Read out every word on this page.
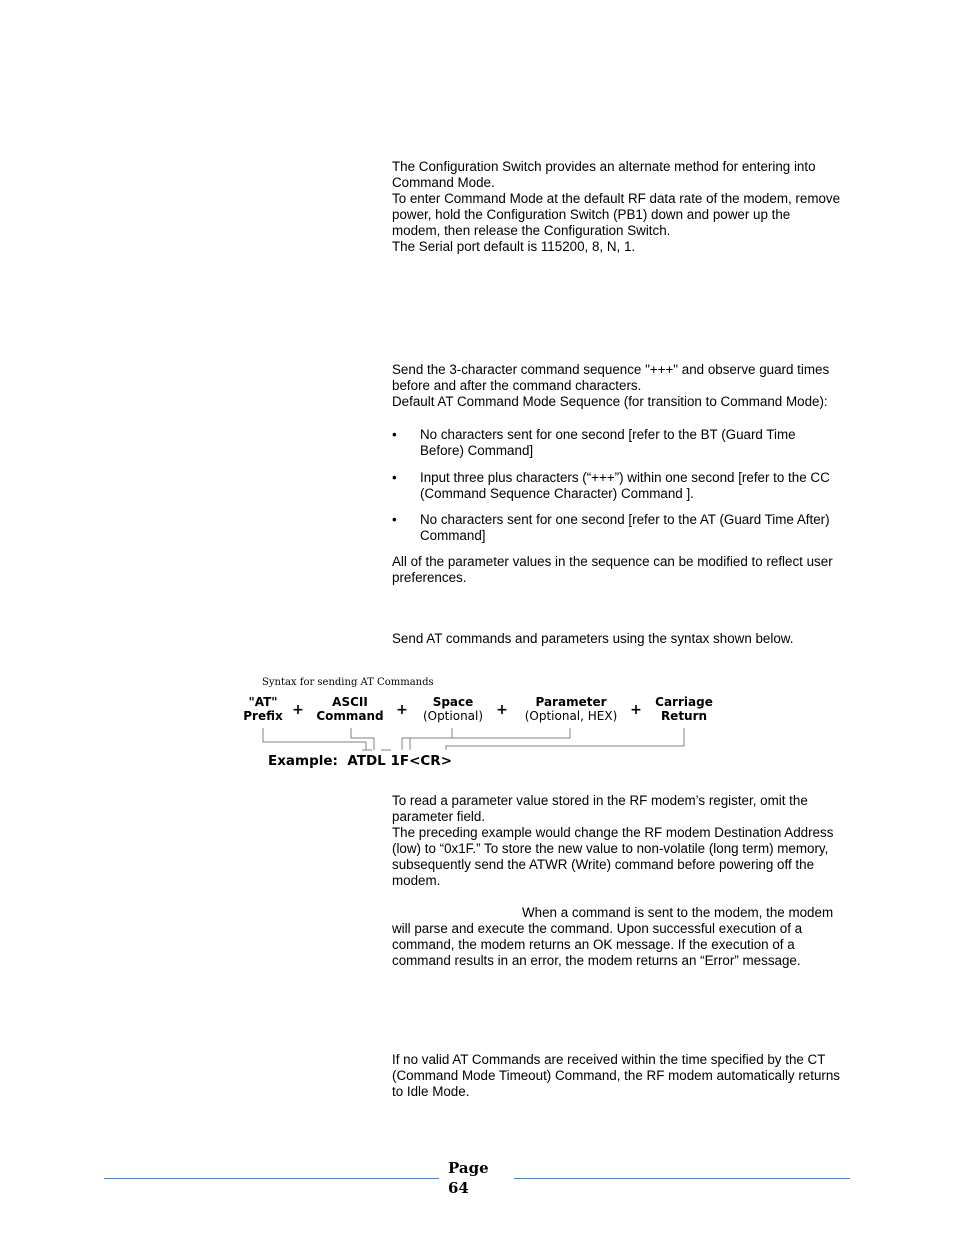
The Configuration Switch provides an alternate method for entering into Command Mode.

To enter Command Mode at the default RF data rate of the modem, remove power, hold the Configuration Switch (PB1) down and power up the modem, then release the Configuration Switch.

The Serial port default is 115200, 8, N, 1.

Send the 3-character command sequence "+++" and observe guard times before and after the command characters.

Default AT Command Mode Sequence (for transition to Command Mode):

• No characters sent for one second [refer to the BT (Guard Time Before) Command]
• Input three plus characters (“+++”) within one second [refer to the CC (Command Sequence Character) Command ].
• No characters sent for one second [refer to the AT (Guard Time After) Command]

All of the parameter values in the sequence can be modified to reflect user preferences.

Send AT commands and parameters using the syntax shown below.

Syntax for sending AT Commands
"AT"
Prefix +	ASCII
Command +	Space
(Optional) +	Parameter
(Optional, HEX) +	Carriage
Return
Example:  ATDL 1F<CR>

To read a parameter value stored in the RF modem’s register, omit the parameter field.

The preceding example would change the RF modem Destination Address (low) to “0x1F.” To store the new value to non-volatile (long term) memory, subsequently send the ATWR (Write) command before powering off the modem.

When a command is sent to the modem, the modem will parse and execute the command. Upon successful execution of a command, the modem returns an OK message. If the execution of a command results in an error, the modem returns an “Error” message.

If no valid AT Commands are received within the time specified by the CT (Command Mode Timeout) Command, the RF modem automatically returns to Idle Mode.

Page
64
